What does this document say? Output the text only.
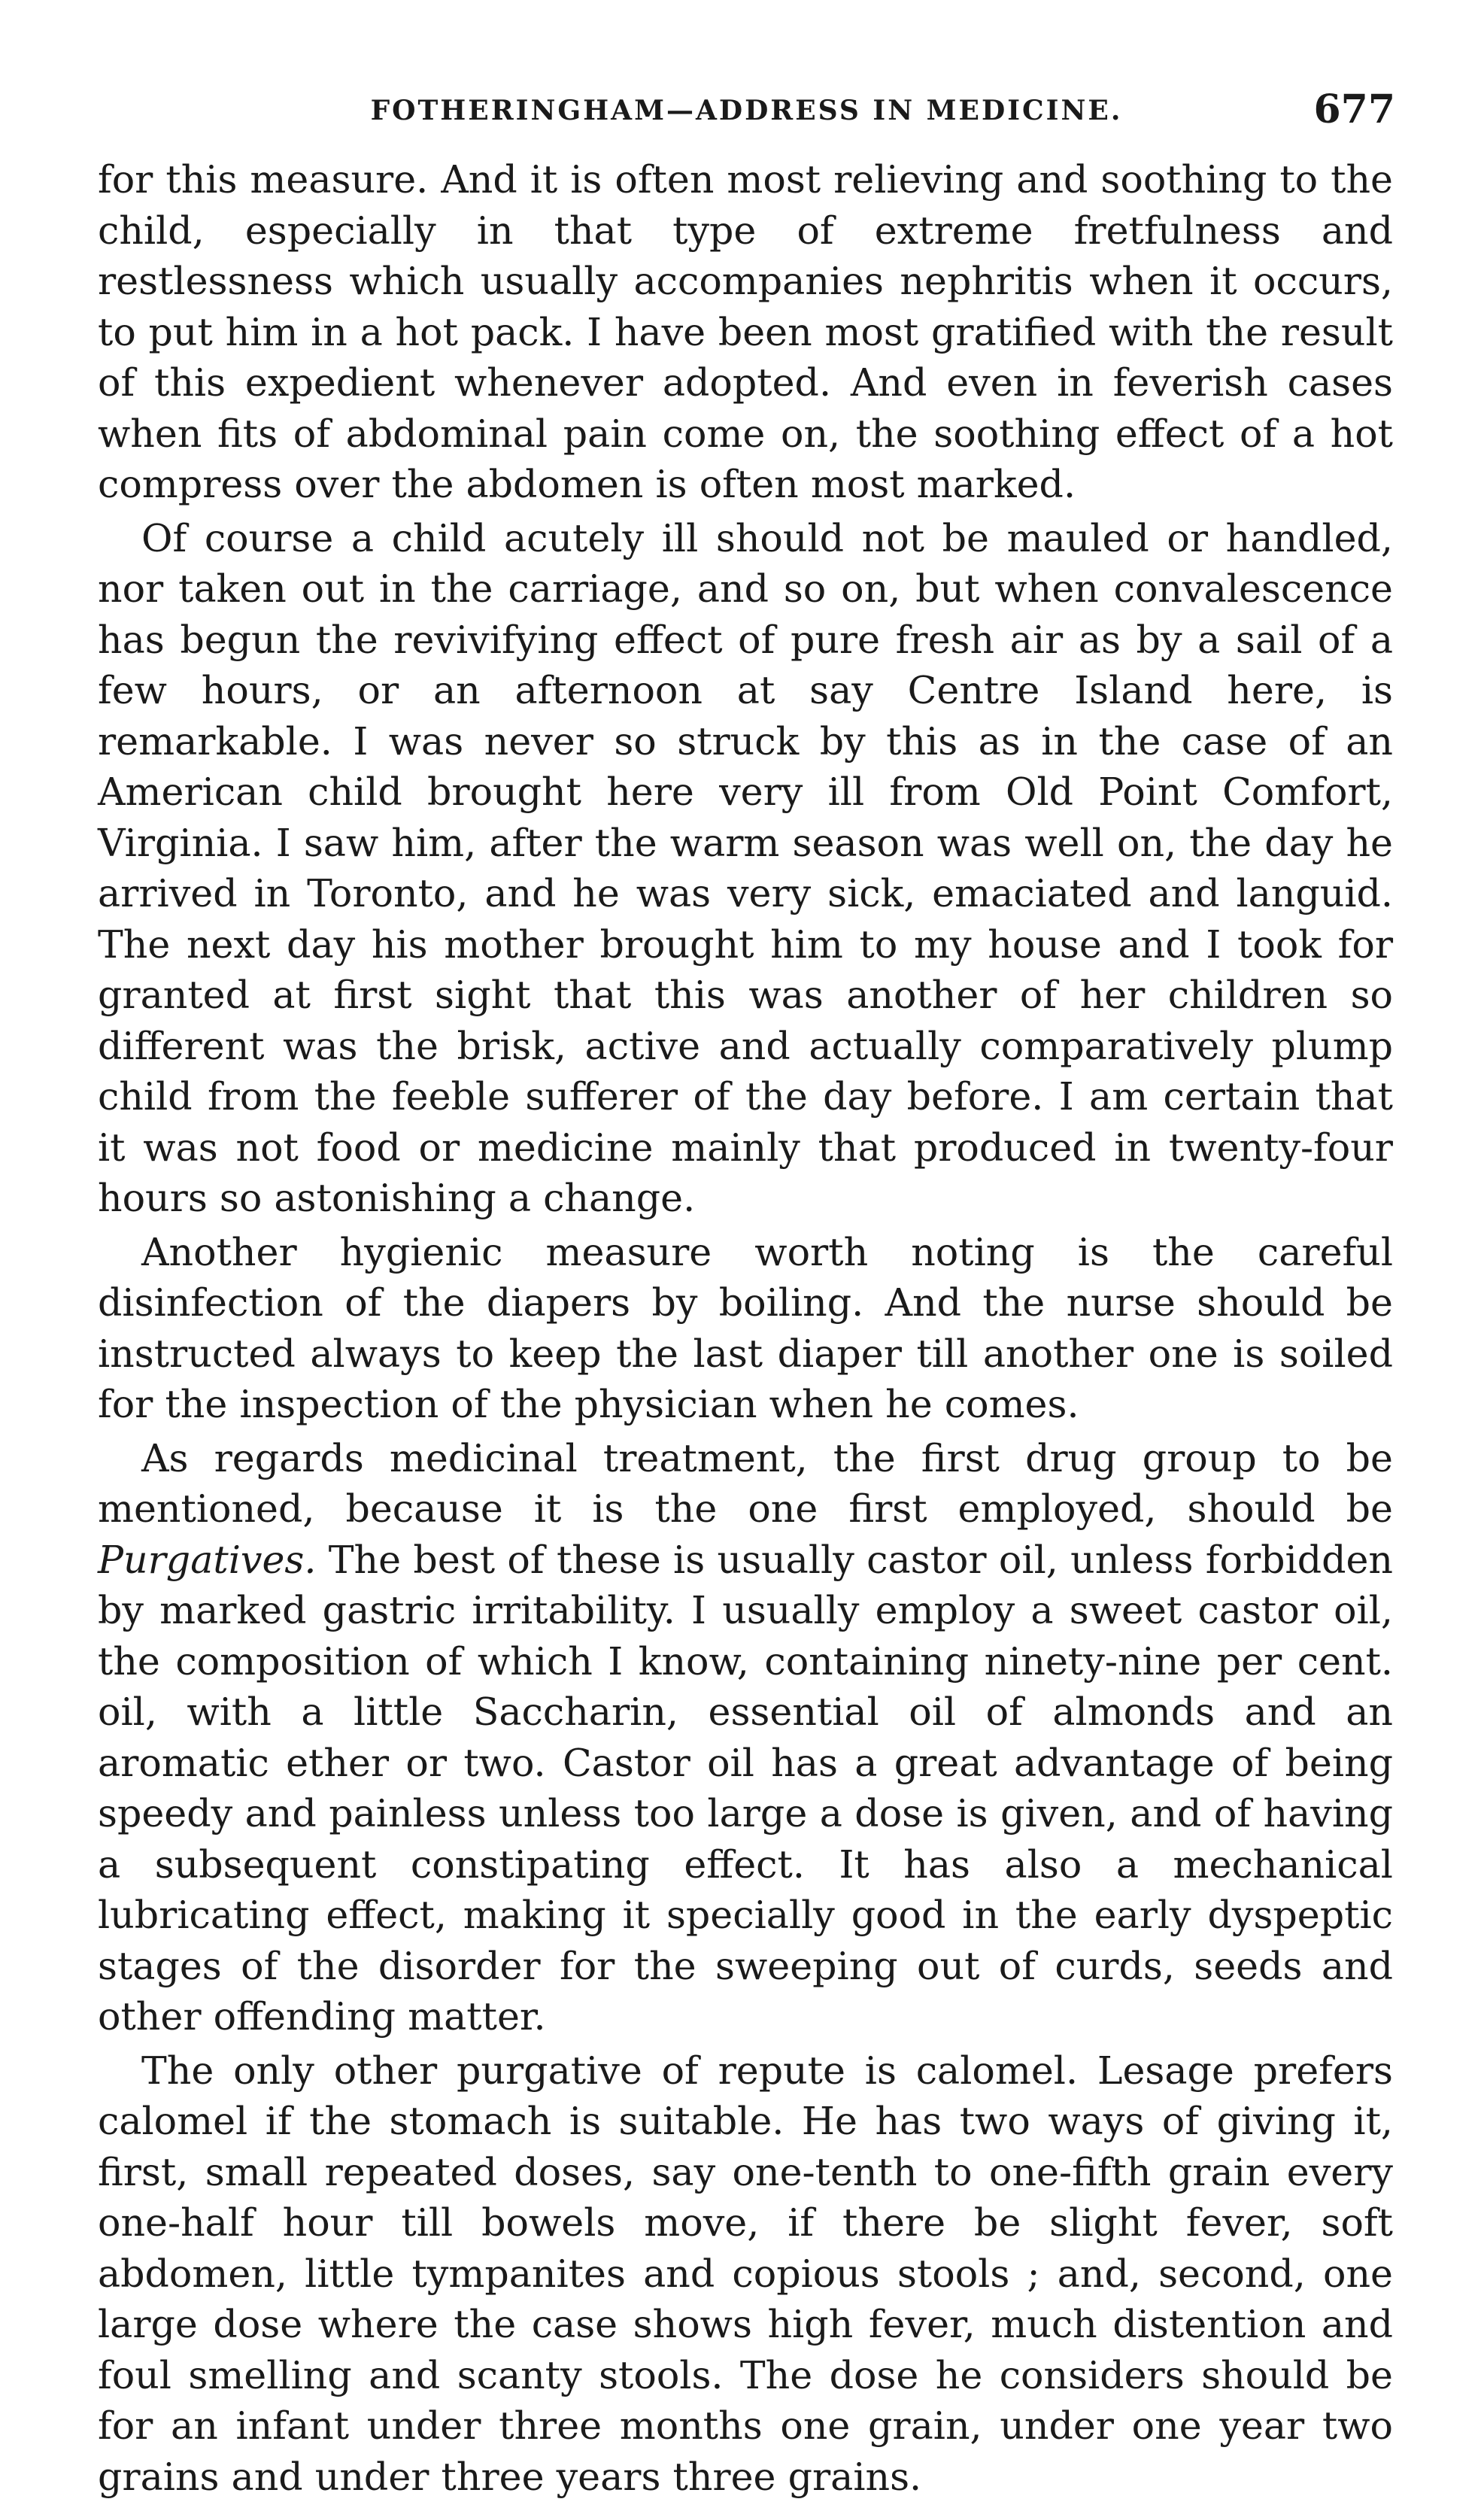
FOTHERINGHAM—ADDRESS IN MEDICINE.	677

for this measure. And it is often most relieving and soothing to the child, especially in that type of extreme fretfulness and restlessness which usually accompanies nephritis when it occurs, to put him in a hot pack. I have been most gratified with the result of this expedient whenever adopted. And even in feverish cases when fits of abdominal pain come on, the soothing effect of a hot compress over the abdomen is often most marked.

Of course a child acutely ill should not be mauled or handled, nor taken out in the carriage, and so on, but when convalescence has begun the revivifying effect of pure fresh air as by a sail of a few hours, or an afternoon at say Centre Island here, is remarkable. I was never so struck by this as in the case of an American child brought here very ill from Old Point Comfort, Virginia. I saw him, after the warm season was well on, the day he arrived in Toronto, and he was very sick, emaciated and languid. The next day his mother brought him to my house and I took for granted at first sight that this was another of her children so different was the brisk, active and actually comparatively plump child from the feeble sufferer of the day before. I am certain that it was not food or medicine mainly that produced in twenty-four hours so astonishing a change.

Another hygienic measure worth noting is the careful disinfection of the diapers by boiling. And the nurse should be instructed always to keep the last diaper till another one is soiled for the inspection of the physician when he comes.

As regards medicinal treatment, the first drug group to be mentioned, because it is the one first employed, should be Purgatives. The best of these is usually castor oil, unless forbidden by marked gastric irritability. I usually employ a sweet castor oil, the composition of which I know, containing ninety-nine per cent. oil, with a little Saccharin, essential oil of almonds and an aromatic ether or two. Castor oil has a great advantage of being speedy and painless unless too large a dose is given, and of having a subsequent constipating effect. It has also a mechanical lubricating effect, making it specially good in the early dyspeptic stages of the disorder for the sweeping out of curds, seeds and other offending matter.

The only other purgative of repute is calomel. Lesage prefers calomel if the stomach is suitable. He has two ways of giving it, first, small repeated doses, say one-tenth to one-fifth grain every one-half hour till bowels move, if there be slight fever, soft abdomen, little tympanites and copious stools ; and, second, one large dose where the case shows high fever, much distention and foul smelling and scanty stools. The dose he considers should be for an infant under three months one grain, under one year two grains and under three years three grains.
